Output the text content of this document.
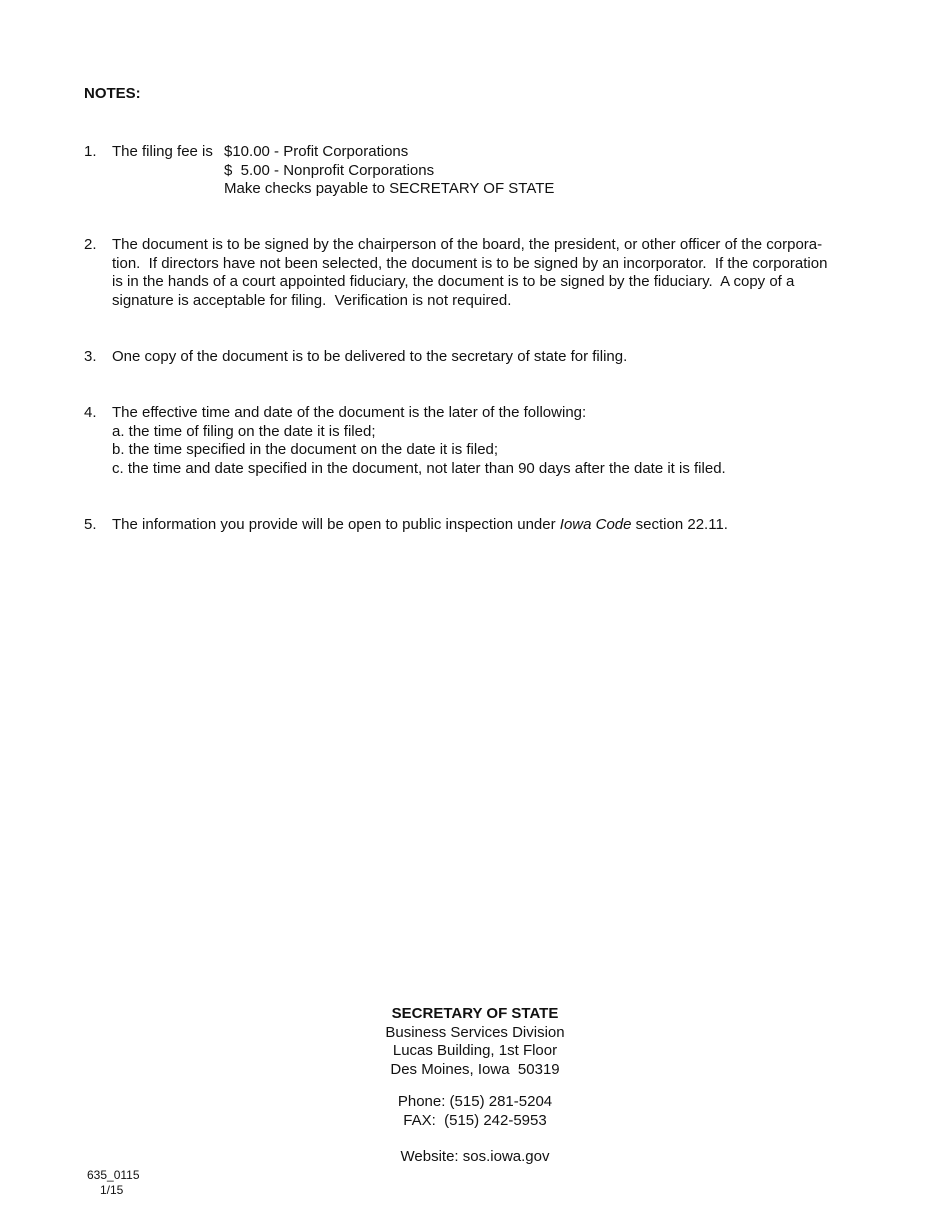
NOTES:
1. The filing fee is $10.00 - Profit Corporations
$  5.00 - Nonprofit Corporations
Make checks payable to SECRETARY OF STATE
2. The document is to be signed by the chairperson of the board, the president, or other officer of the corpora-
tion.  If directors have not been selected, the document is to be signed by an incorporator.  If the corporation
is in the hands of a court appointed fiduciary, the document is to be signed by the fiduciary.  A copy of a
signature is acceptable for filing.  Verification is not required.
3. One copy of the document is to be delivered to the secretary of state for filing.
4. The effective time and date of the document is the later of the following:
a. the time of filing on the date it is filed;
b. the time specified in the document on the date it is filed;
c. the time and date specified in the document, not later than 90 days after the date it is filed.
5. The information you provide will be open to public inspection under Iowa Code section 22.11.
SECRETARY OF STATE
Business Services Division
Lucas Building, 1st Floor
Des Moines, Iowa  50319
Phone: (515) 281-5204
FAX:  (515) 242-5953
Website: sos.iowa.gov
635_0115
1/15
